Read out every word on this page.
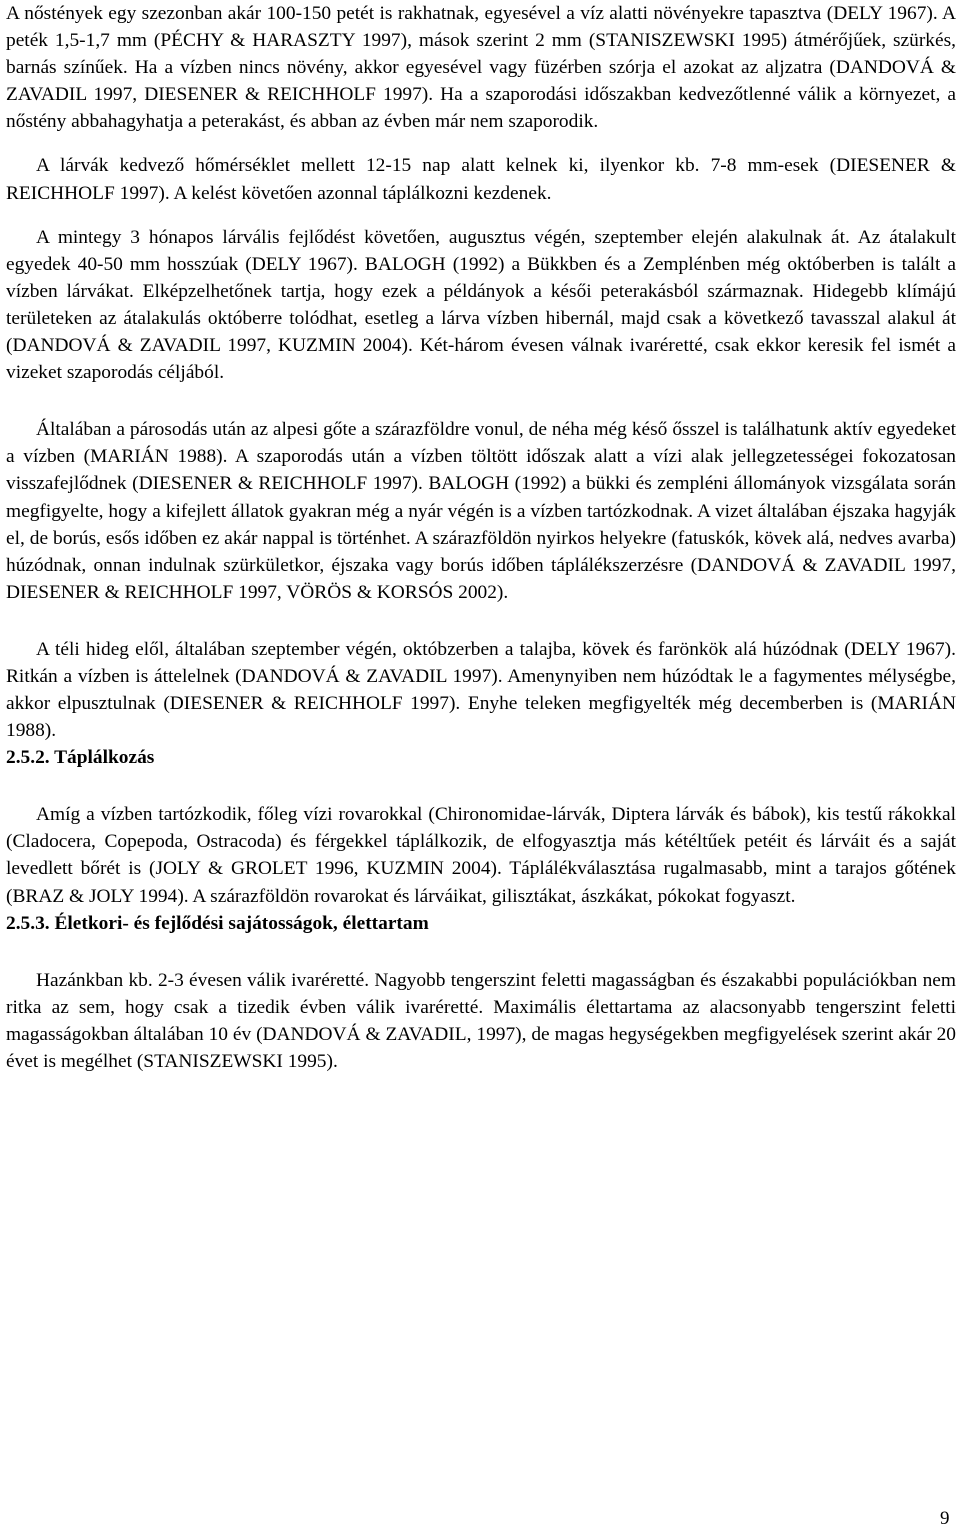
A nőstények egy szezonban akár 100-150 petét is rakhatnak, egyesével a víz alatti növényekre tapasztva (DELY 1967). A peték 1,5-1,7 mm (PÉCHY & HARASZTY 1997), mások szerint 2 mm (STANISZEWSKI 1995) átmérőjűek, szürkés, barnás színűek. Ha a vízben nincs növény, akkor egyesével vagy füzérben szórja el azokat az aljzatra (DANDOVÁ & ZAVADIL 1997, DIESENER & REICHHOLF 1997). Ha a szaporodási időszakban kedvezőtlenné válik a környezet, a nőstény abbahagyhatja a peterakást, és abban az évben már nem szaporodik.

A lárvák kedvező hőmérséklet mellett 12-15 nap alatt kelnek ki, ilyenkor kb. 7-8 mm-esek (DIESENER & REICHHOLF 1997). A kelést követően azonnal táplálkozni kezdenek.

A mintegy 3 hónapos lárvális fejlődést követően, augusztus végén, szeptember elején alakulnak át. Az átalakult egyedek 40-50 mm hosszúak (DELY 1967). BALOGH (1992) a Bükkben és a Zemplénben még októberben is talált a vízben lárvákat. Elképzelhetőnek tartja, hogy ezek a példányok a késői peterakásból származnak. Hidegebb klímájú területeken az átalakulás októberre tolódhat, esetleg a lárva vízben hibernál, majd csak a következő tavasszal alakul át (DANDOVÁ & ZAVADIL 1997, KUZMIN 2004). Két-három évesen válnak ivaréretté, csak ekkor keresik fel ismét a vizeket szaporodás céljából.

Általában a párosodás után az alpesi gőte a szárazföldre vonul, de néha még késő ősszel is találhatunk aktív egyedeket a vízben (MARIÁN 1988). A szaporodás után a vízben töltött időszak alatt a vízi alak jellegzetességei fokozatosan visszafejlődnek (DIESENER & REICHHOLF 1997). BALOGH (1992) a bükki és zempléni állományok vizsgálata során megfigyelte, hogy a kifejlett állatok gyakran még a nyár végén is a vízben tartózkodnak. A vizet általában éjszaka hagyják el, de borús, esős időben ez akár nappal is történhet. A szárazföldön nyirkos helyekre (fatuskók, kövek alá, nedves avarba) húzódnak, onnan indulnak szürkületkor, éjszaka vagy borús időben táplálékszerzésre (DANDOVÁ & ZAVADIL 1997, DIESENER & REICHHOLF 1997, VÖRÖS & KORSÓS 2002).

A téli hideg elől, általában szeptember végén, októbzerben a talajba, kövek és farönkök alá húzódnak (DELY 1967). Ritkán a vízben is áttelelnek (DANDOVÁ & ZAVADIL 1997). Amenynyiben nem húzódtak le a fagymentes mélységbe, akkor elpusztulnak (DIESENER & REICHHOLF 1997). Enyhe teleken megfigyelték még decemberben is (MARIÁN 1988).

2.5.2. Táplálkozás

Amíg a vízben tartózkodik, főleg vízi rovarokkal (Chironomidae-lárvák, Diptera lárvák és bábok), kis testű rákokkal (Cladocera, Copepoda, Ostracoda) és férgekkel táplálkozik, de elfogyasztja más kétéltűek petéit és lárváit és a saját levedlett bőrét is (JOLY & GROLET 1996, KUZMIN 2004). Táplálékválasztása rugalmasabb, mint a tarajos gőtének (BRAZ & JOLY 1994). A szárazföldön rovarokat és lárváikat, gilisztákat, ászkákat, pókokat fogyaszt.

2.5.3. Életkori- és fejlődési sajátosságok, élettartam

Hazánkban kb. 2-3 évesen válik ivaréretté. Nagyobb tengerszint feletti magasságban és északabbi populációkban nem ritka az sem, hogy csak a tizedik évben válik ivaréretté. Maximális élettartama az alacsonyabb tengerszint feletti magasságokban általában 10 év (DANDOVÁ & ZAVADIL, 1997), de magas hegységekben megfigyelések szerint akár 20 évet is megélhet (STANISZEWSKI 1995).

9
